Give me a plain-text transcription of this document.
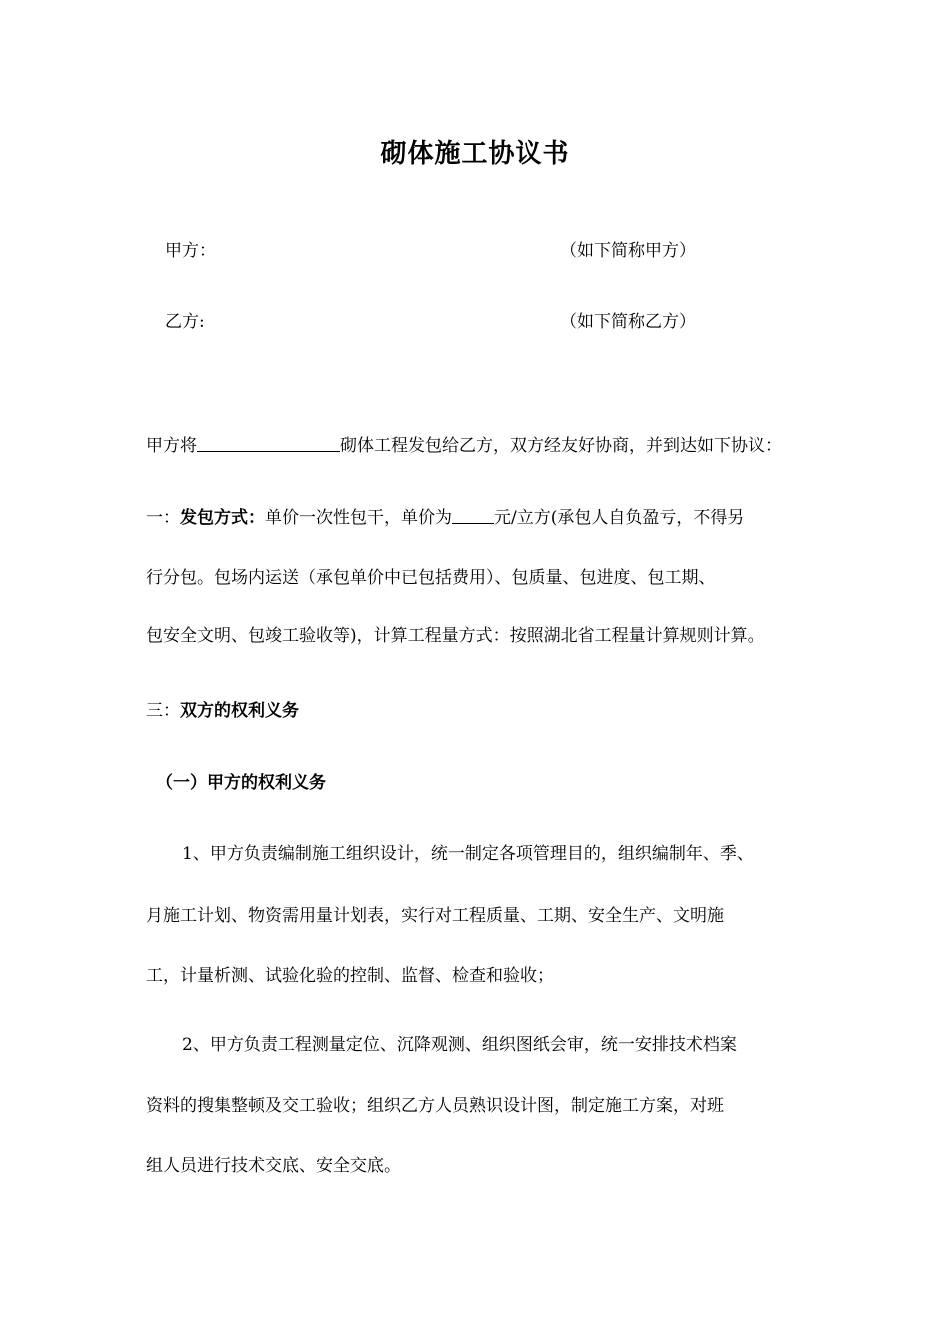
砌体施工协议书
甲方：	（如下简称甲方）
乙方:	（如下简称乙方）
甲方将	砌体工程发包给乙方，双方经友好协商，并到达如下协议：
一：发包方式：单价一次性包干，单价为 元/立方(承包人自负盈亏，不得另
行分包。包场内运送（承包单价中已包括费用）、包质量、包进度、包工期、
包安全文明、包竣工验收等)，计算工程量方式：按照湖北省工程量计算规则计算。
三：双方的权利义务
（一）甲方的权利义务
1、甲方负责编制施工组织设计，统一制定各项管理目的，组织编制年、季、
月施工计划、物资需用量计划表，实行对工程质量、工期、安全生产、文明施
工，计量析测、试验化验的控制、监督、检查和验收；
2、甲方负责工程测量定位、沉降观测、组织图纸会审，统一安排技术档案
资料的搜集整顿及交工验收；组织乙方人员熟识设计图，制定施工方案，对班
组人员进行技术交底、安全交底。
